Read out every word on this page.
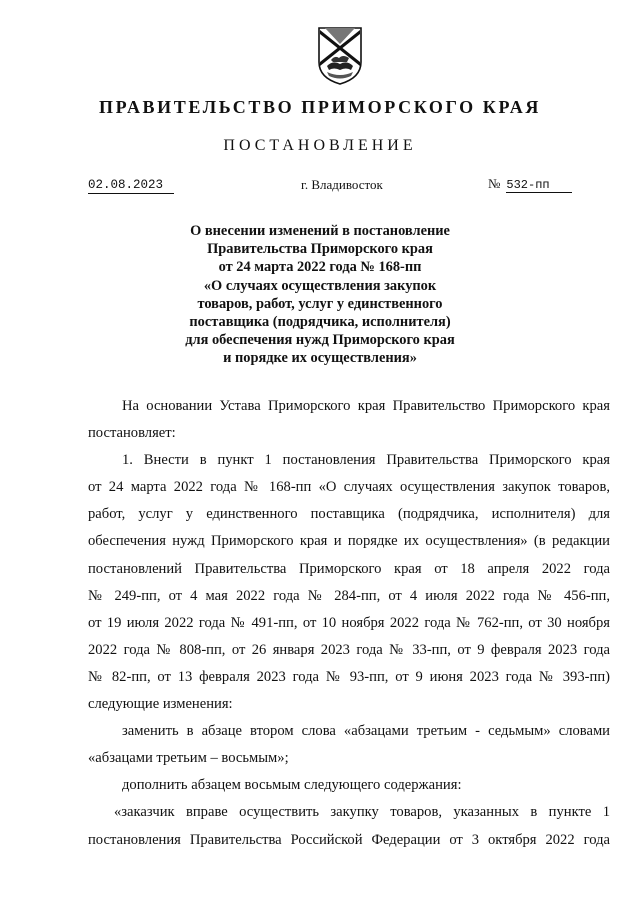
ПРАВИТЕЛЬСТВО ПРИМОРСКОГО КРАЯ
ПОСТАНОВЛЕНИЕ
02.08.2023	г. Владивосток	№ 532-пп
О внесении изменений в постановление
Правительства Приморского края
от 24 марта 2022 года № 168-пп
«О случаях осуществления закупок
товаров, работ, услуг у единственного
поставщика (подрядчика, исполнителя)
для обеспечения нужд Приморского края
и порядке их осуществления»
На основании Устава Приморского края Правительство Приморского края
постановляет:
1. Внести в пункт 1 постановления Правительства Приморского края
от 24 марта 2022 года № 168-пп «О случаях осуществления закупок товаров,
работ, услуг у единственного поставщика (подрядчика, исполнителя) для
обеспечения нужд Приморского края и порядке их осуществления» (в редакции
постановлений Правительства Приморского края от 18 апреля 2022 года
№ 249-пп, от 4 мая 2022 года № 284-пп, от 4 июля 2022 года № 456-пп,
от 19 июля 2022 года № 491-пп, от 10 ноября 2022 года № 762-пп, от 30 ноября
2022 года № 808-пп, от 26 января 2023 года № 33-пп, от 9 февраля 2023 года
№ 82-пп, от 13 февраля 2023 года № 93-пп, от 9 июня 2023 года № 393-пп)
следующие изменения:
заменить в абзаце втором слова «абзацами третьим - седьмым» словами
«абзацами третьим – восьмым»;
дополнить абзацем восьмым следующего содержания:
«заказчик вправе осуществить закупку товаров, указанных в пункте 1
постановления Правительства Российской Федерации от 3 октября 2022 года
